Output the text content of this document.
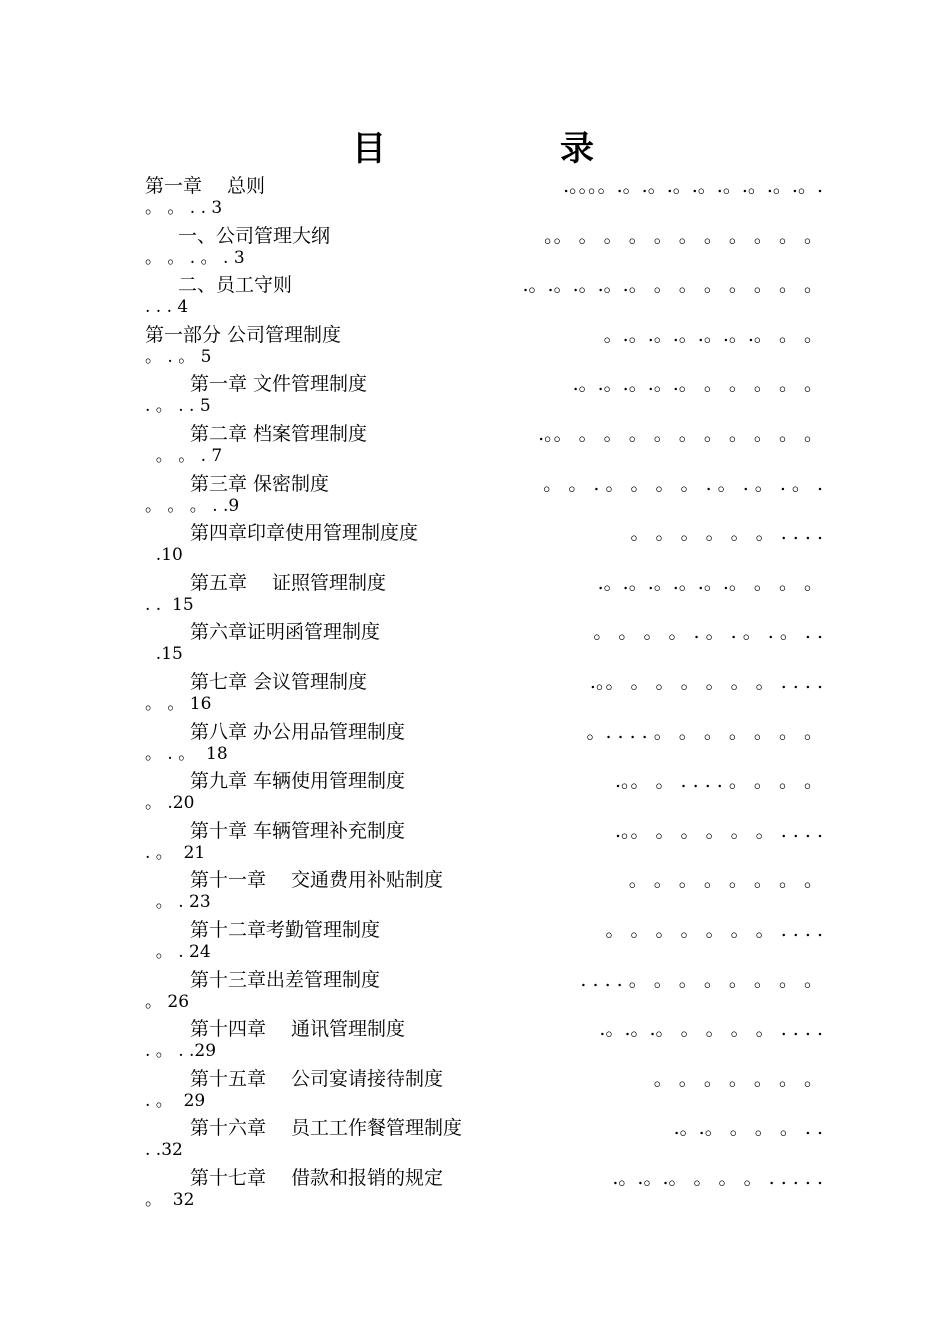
目	录
第一章　 总则	.。。。。.。.。.。.。.。.。.。.。.
。 。 . . 3
一、公司管理大纲	。。 。 。 。 。 。 。 。 。 。 。
。 。 . 。 . 3
二、员工守则	.。.。.。.。.。 。 。 。 。 。 。 。
. . . 4
第一部分 公司管理制度	。.。.。.。.。.。.。 。 。
。 . 。 5
第一章 文件管理制度	.。.。.。.。.。 。 。 。 。 。
. 。 . . 5
第二章 档案管理制度	.。。 。 。 。 。 。 。 。 。 。 。
。 。 . 7
第三章 保密制度	。 。 . 。 。 。 。 . 。 . 。 . 。 .
。 。 。 . .9
第四章印章使用管理制度度	。 。 。 。 。 。 . . . .
.10
第五章　 证照管理制度	.。.。.。.。.。.。 。 。 。
. .  15
第六章证明函管理制度	。 。 。 。 . 。 . 。 . 。 . .
.15
第七章 会议管理制度	.。。 。 。 。 。 。 。 . . . .
。 。 16
第八章 办公用品管理制度	。. . . . 。 。 。 。 。 。 。
。 . 。  18
第九章 车辆使用管理制度	.。。 。 . . . . 。 。 。 。
。 .20
第十章 车辆管理补充制度	.。。 。 。 。 。 。 . . . .
. 。  21
第十一章　 交通费用补贴制度	。 。 。 。 。 。 。 。
。 . 23
第十二章考勤管理制度	。 。 。 。 。 。 。 . . . .
。 . 24
第十三章出差管理制度	. . . . 。 。 。 。 。 。 。 。
。 26
第十四章　 通讯管理制度	.。.。.。 。 。 。 。 . . . .
. 。 . .29
第十五章　 公司宴请接待制度	。 。 。 。 。 。 。
. 。  29
第十六章　 员工工作餐管理制度	.。.。 。 。 。 . .
. .32
第十七章　 借款和报销的规定	.。.。.。 。 。 。 . . . . .
。  32
